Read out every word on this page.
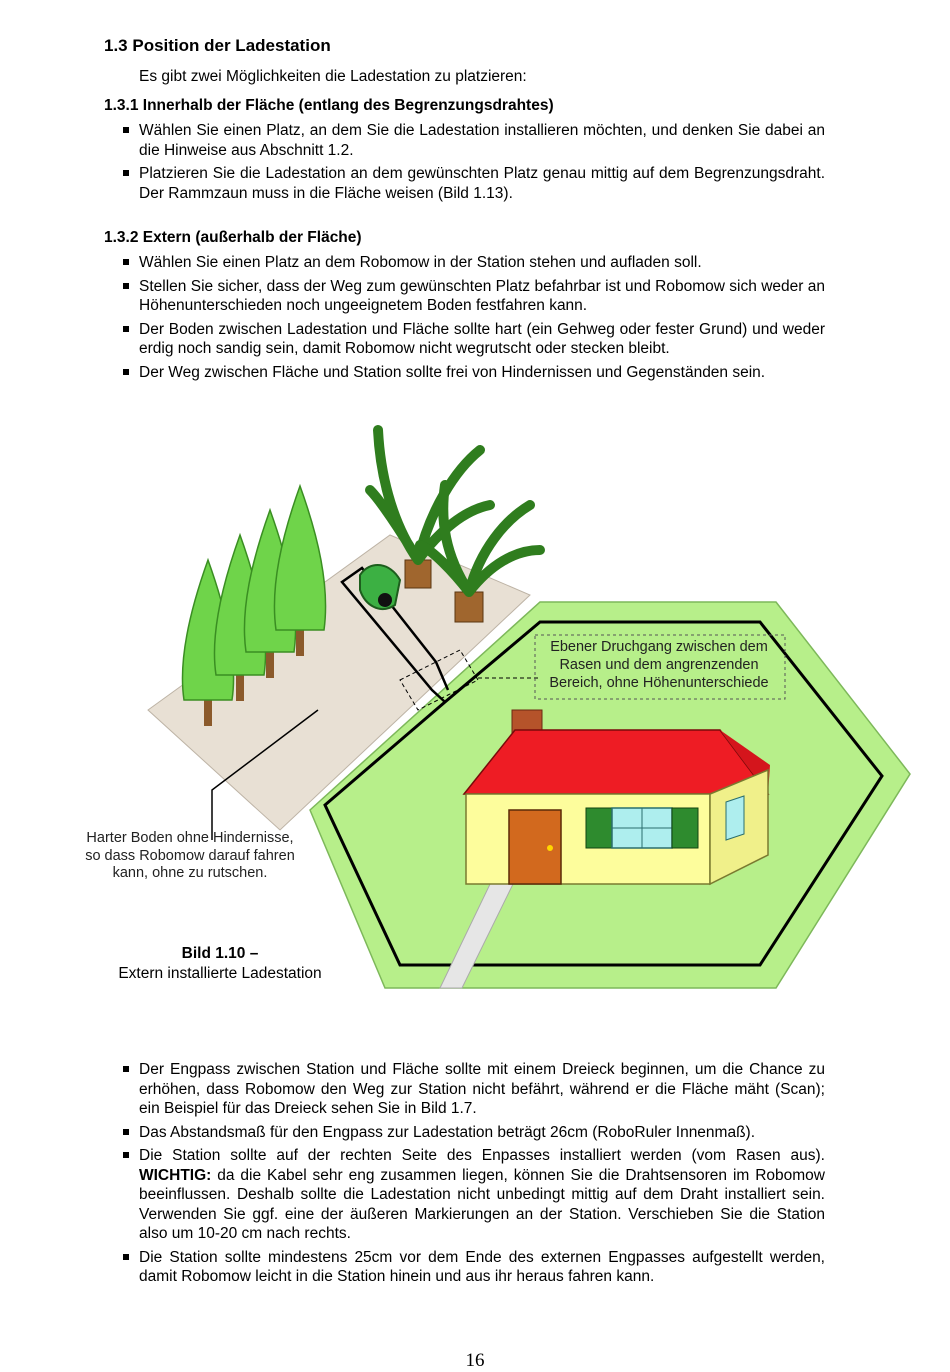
1.3 Position der Ladestation
Es gibt zwei Möglichkeiten die Ladestation zu platzieren:
1.3.1 Innerhalb der Fläche (entlang des Begrenzungsdrahtes)
Wählen Sie einen Platz, an dem Sie die Ladestation installieren möchten, und denken Sie dabei an die Hinweise aus Abschnitt 1.2.
Platzieren Sie die Ladestation an dem gewünschten Platz genau mittig auf dem Begrenzungsdraht. Der Rammzaun muss in die Fläche weisen (Bild 1.13).
1.3.2 Extern (außerhalb der Fläche)
Wählen Sie einen Platz an dem Robomow in der Station stehen und aufladen soll.
Stellen Sie sicher, dass der Weg zum gewünschten Platz befahrbar ist und Robomow sich weder an Höhenunterschieden noch ungeeignetem Boden festfahren kann.
Der Boden zwischen Ladestation und Fläche sollte hart (ein Gehweg oder fester Grund) und weder erdig noch sandig sein, damit Robomow nicht wegrutscht oder stecken bleibt.
Der Weg zwischen Fläche und Station sollte frei von Hindernissen und Gegenständen sein.
Harter Boden ohne Hindernisse, so dass Robomow darauf fahren kann, ohne zu rutschen.
Ebener Druchgang zwischen dem Rasen und dem angrenzenden Bereich, ohne Höhenunterschiede
Bild 1.10 –
Extern installierte Ladestation
Der Engpass zwischen Station und Fläche sollte mit einem Dreieck beginnen, um die Chance zu erhöhen, dass Robomow den Weg zur Station nicht befährt, während er die Fläche mäht (Scan); ein Beispiel für das Dreieck sehen Sie in Bild 1.7.
Das Abstandsmaß für den Engpass zur Ladestation beträgt 26cm (RoboRuler Innenmaß).
Die Station sollte auf der rechten Seite des Enpasses installiert werden (vom Rasen aus). WICHTIG: da die Kabel sehr eng zusammen liegen, können Sie die Drahtsensoren im Robomow beeinflussen. Deshalb sollte die Ladestation nicht unbedingt mittig auf dem Draht installiert sein. Verwenden Sie ggf. eine der äußeren Markierungen an der Station. Verschieben Sie die Station also um 10-20 cm nach rechts.
Die Station sollte mindestens 25cm vor dem Ende des externen Engpasses aufgestellt werden, damit Robomow leicht in die Station hinein und aus ihr heraus fahren kann.
16
